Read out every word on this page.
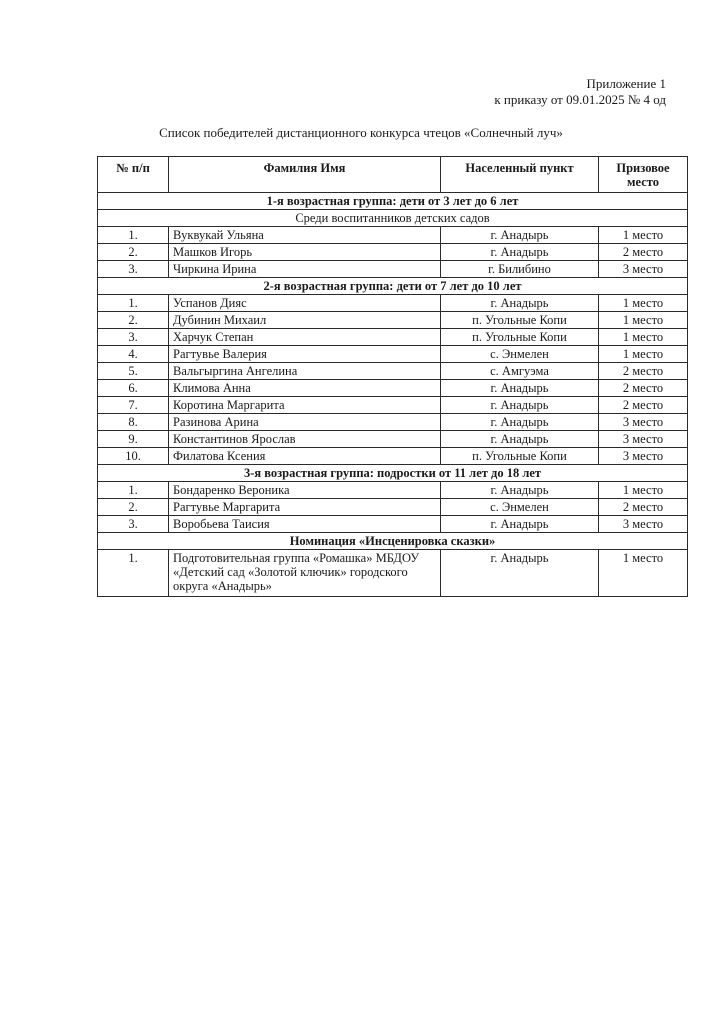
Приложение 1
к приказу от 09.01.2025 № 4 од
Список победителей дистанционного конкурса чтецов «Солнечный луч»
№ п/п	Фамилия Имя	Населенный пункт	Призовое место
1-я возрастная группа: дети от 3 лет до 6 лет			
Среди воспитанников детских садов			
1.	Вуквукай Ульяна	г. Анадырь	1 место
2.	Машков Игорь	г. Анадырь	2 место
3.	Чиркина Ирина	г. Билибино	3 место
2-я возрастная группа: дети от 7 лет до 10 лет			
1.	Успанов Дияс	г. Анадырь	1 место
2.	Дубинин Михаил	п. Угольные Копи	1 место
3.	Харчук Степан	п. Угольные Копи	1 место
4.	Рагтувье Валерия	с. Энмелен	1 место
5.	Вальгыргина Ангелина	с. Амгуэма	2 место
6.	Климова Анна	г. Анадырь	2 место
7.	Коротина Маргарита	г. Анадырь	2 место
8.	Разинова Арина	г. Анадырь	3 место
9.	Константинов Ярослав	г. Анадырь	3 место
10.	Филатова Ксения	п. Угольные Копи	3 место
3-я возрастная группа: подростки от 11 лет до 18 лет			
1.	Бондаренко Вероника	г. Анадырь	1 место
2.	Рагтувье Маргарита	с. Энмелен	2 место
3.	Воробьева Таисия	г. Анадырь	3 место
Номинация «Инсценировка сказки»			
1.	Подготовительная группа «Ромашка» МБДОУ «Детский сад «Золотой ключик» городского округа «Анадырь»	г. Анадырь	1 место
